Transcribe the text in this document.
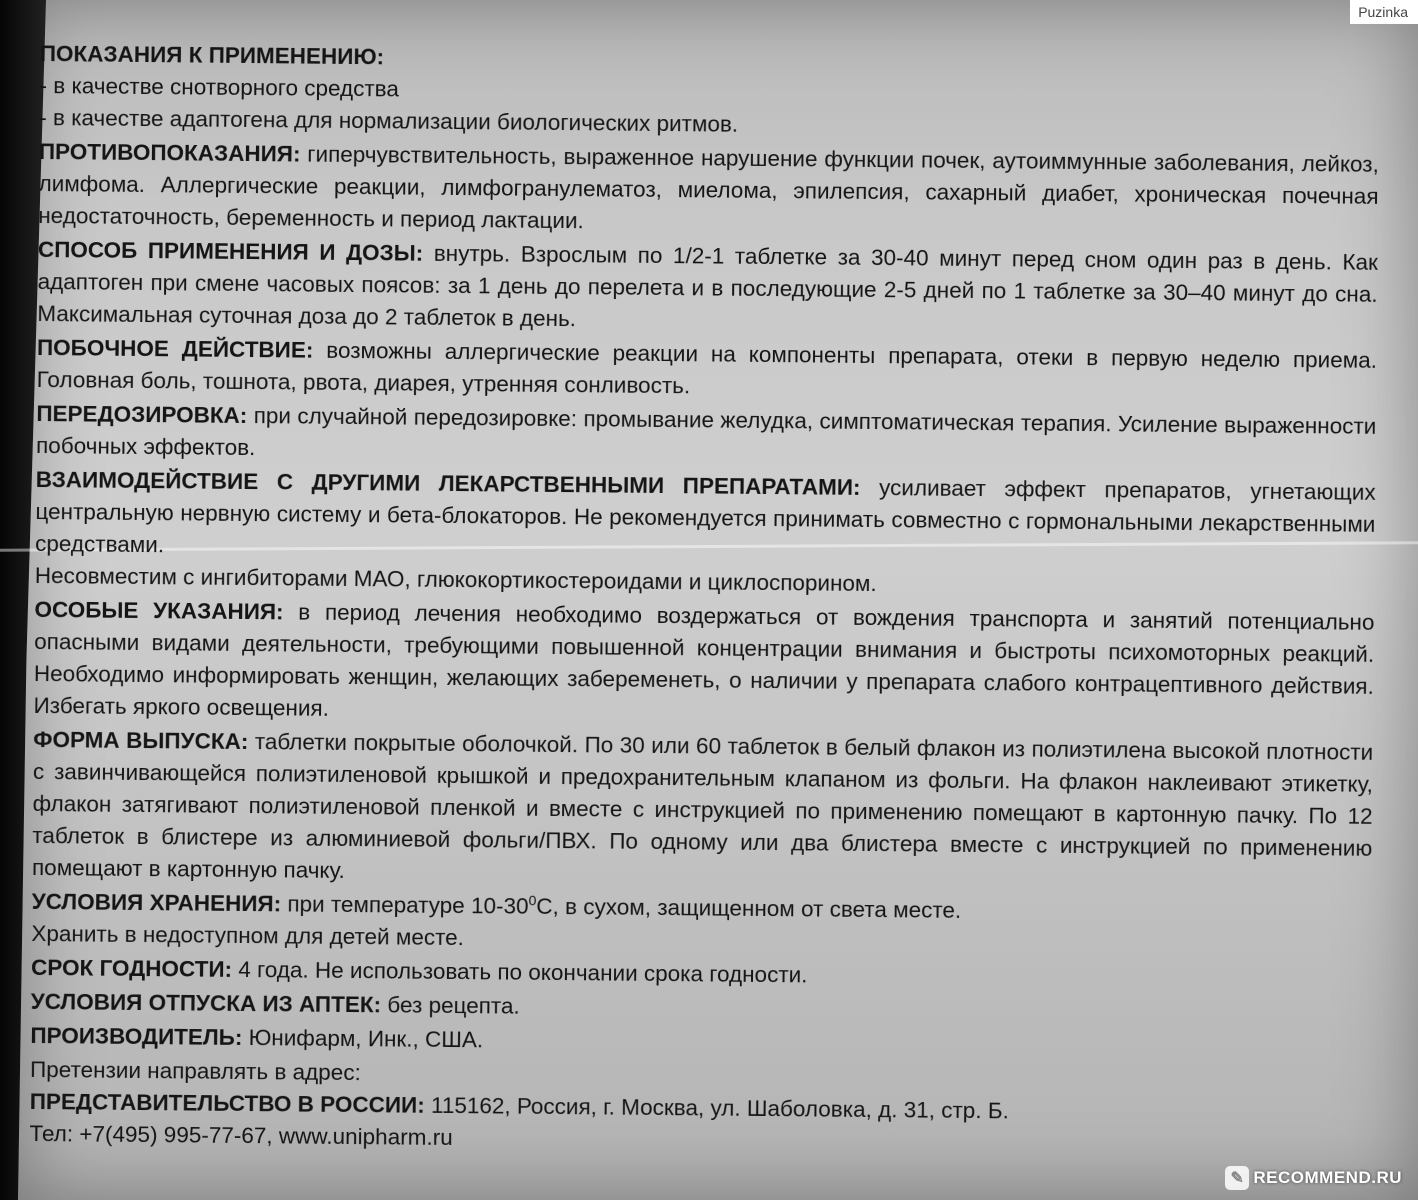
ПОКАЗАНИЯ К ПРИМЕНЕНИЮ:
- в качестве снотворного средства
- в качестве адаптогена для нормализации биологических ритмов.
ПРОТИВОПОКАЗАНИЯ: гиперчувствительность, выраженное нарушение функции почек, аутоиммунные заболевания, лейкоз, лимфома. Аллергические реакции, лимфогранулематоз, миелома, эпилепсия, сахарный диабет, хроническая почечная недостаточность, беременность и период лактации.
СПОСОБ ПРИМЕНЕНИЯ И ДОЗЫ: внутрь. Взрослым по 1/2-1 таблетке за 30-40 минут перед сном один раз в день. Как адаптоген при смене часовых поясов: за 1 день до перелета и в последующие 2-5 дней по 1 таблетке за 30–40 минут до сна. Максимальная суточная доза до 2 таблеток в день.
ПОБОЧНОЕ ДЕЙСТВИЕ: возможны аллергические реакции на компоненты препарата, отеки в первую неделю приема. Головная боль, тошнота, рвота, диарея, утренняя сонливость.
ПЕРЕДОЗИРОВКА: при случайной передозировке: промывание желудка, симптоматическая терапия. Усиление выраженности побочных эффектов.
ВЗАИМОДЕЙСТВИЕ С ДРУГИМИ ЛЕКАРСТВЕННЫМИ ПРЕПАРАТАМИ: усиливает эффект препаратов, угнетающих центральную нервную систему и бета-блокаторов. Не рекомендуется принимать совместно с гормональными лекарственными средствами.
Несовместим с ингибиторами МАО, глюкокортикостероидами и циклоспорином.
ОСОБЫЕ УКАЗАНИЯ: в период лечения необходимо воздержаться от вождения транспорта и занятий потенциально опасными видами деятельности, требующими повышенной концентрации внимания и быстроты психомоторных реакций. Необходимо информировать женщин, желающих забеременеть, о наличии у препарата слабого контрацептивного действия. Избегать яркого освещения.
ФОРМА ВЫПУСКА: таблетки покрытые оболочкой. По 30 или 60 таблеток в белый флакон из полиэтилена высокой плотности с завинчивающейся полиэтиленовой крышкой и предохранительным клапаном из фольги. На флакон наклеивают этикетку, флакон затягивают полиэтиленовой пленкой и вместе с инструкцией по применению помещают в картонную пачку. По 12 таблеток в блистере из алюминиевой фольги/ПВХ. По одному или два блистера вместе с инструкцией по применению помещают в картонную пачку.
УСЛОВИЯ ХРАНЕНИЯ: при температуре $10-30^0С$, в сухом, защищенном от света месте.
Хранить в недоступном для детей месте.
СРОК ГОДНОСТИ: 4 года. Не использовать по окончании срока годности.
УСЛОВИЯ ОТПУСКА ИЗ АПТЕК: без рецепта.
ПРОИЗВОДИТЕЛЬ: Юнифарм, Инк., США.
Претензии направлять в адрес:
ПРЕДСТАВИТЕЛЬСТВО В РОССИИ: 115162, Россия, г. Москва, ул. Шаболовка, д. 31, стр. Б.
Тел: +7(495) 995-77-67, www.unipharm.ru
Puzinka
✎ RECOMMEND.RU
